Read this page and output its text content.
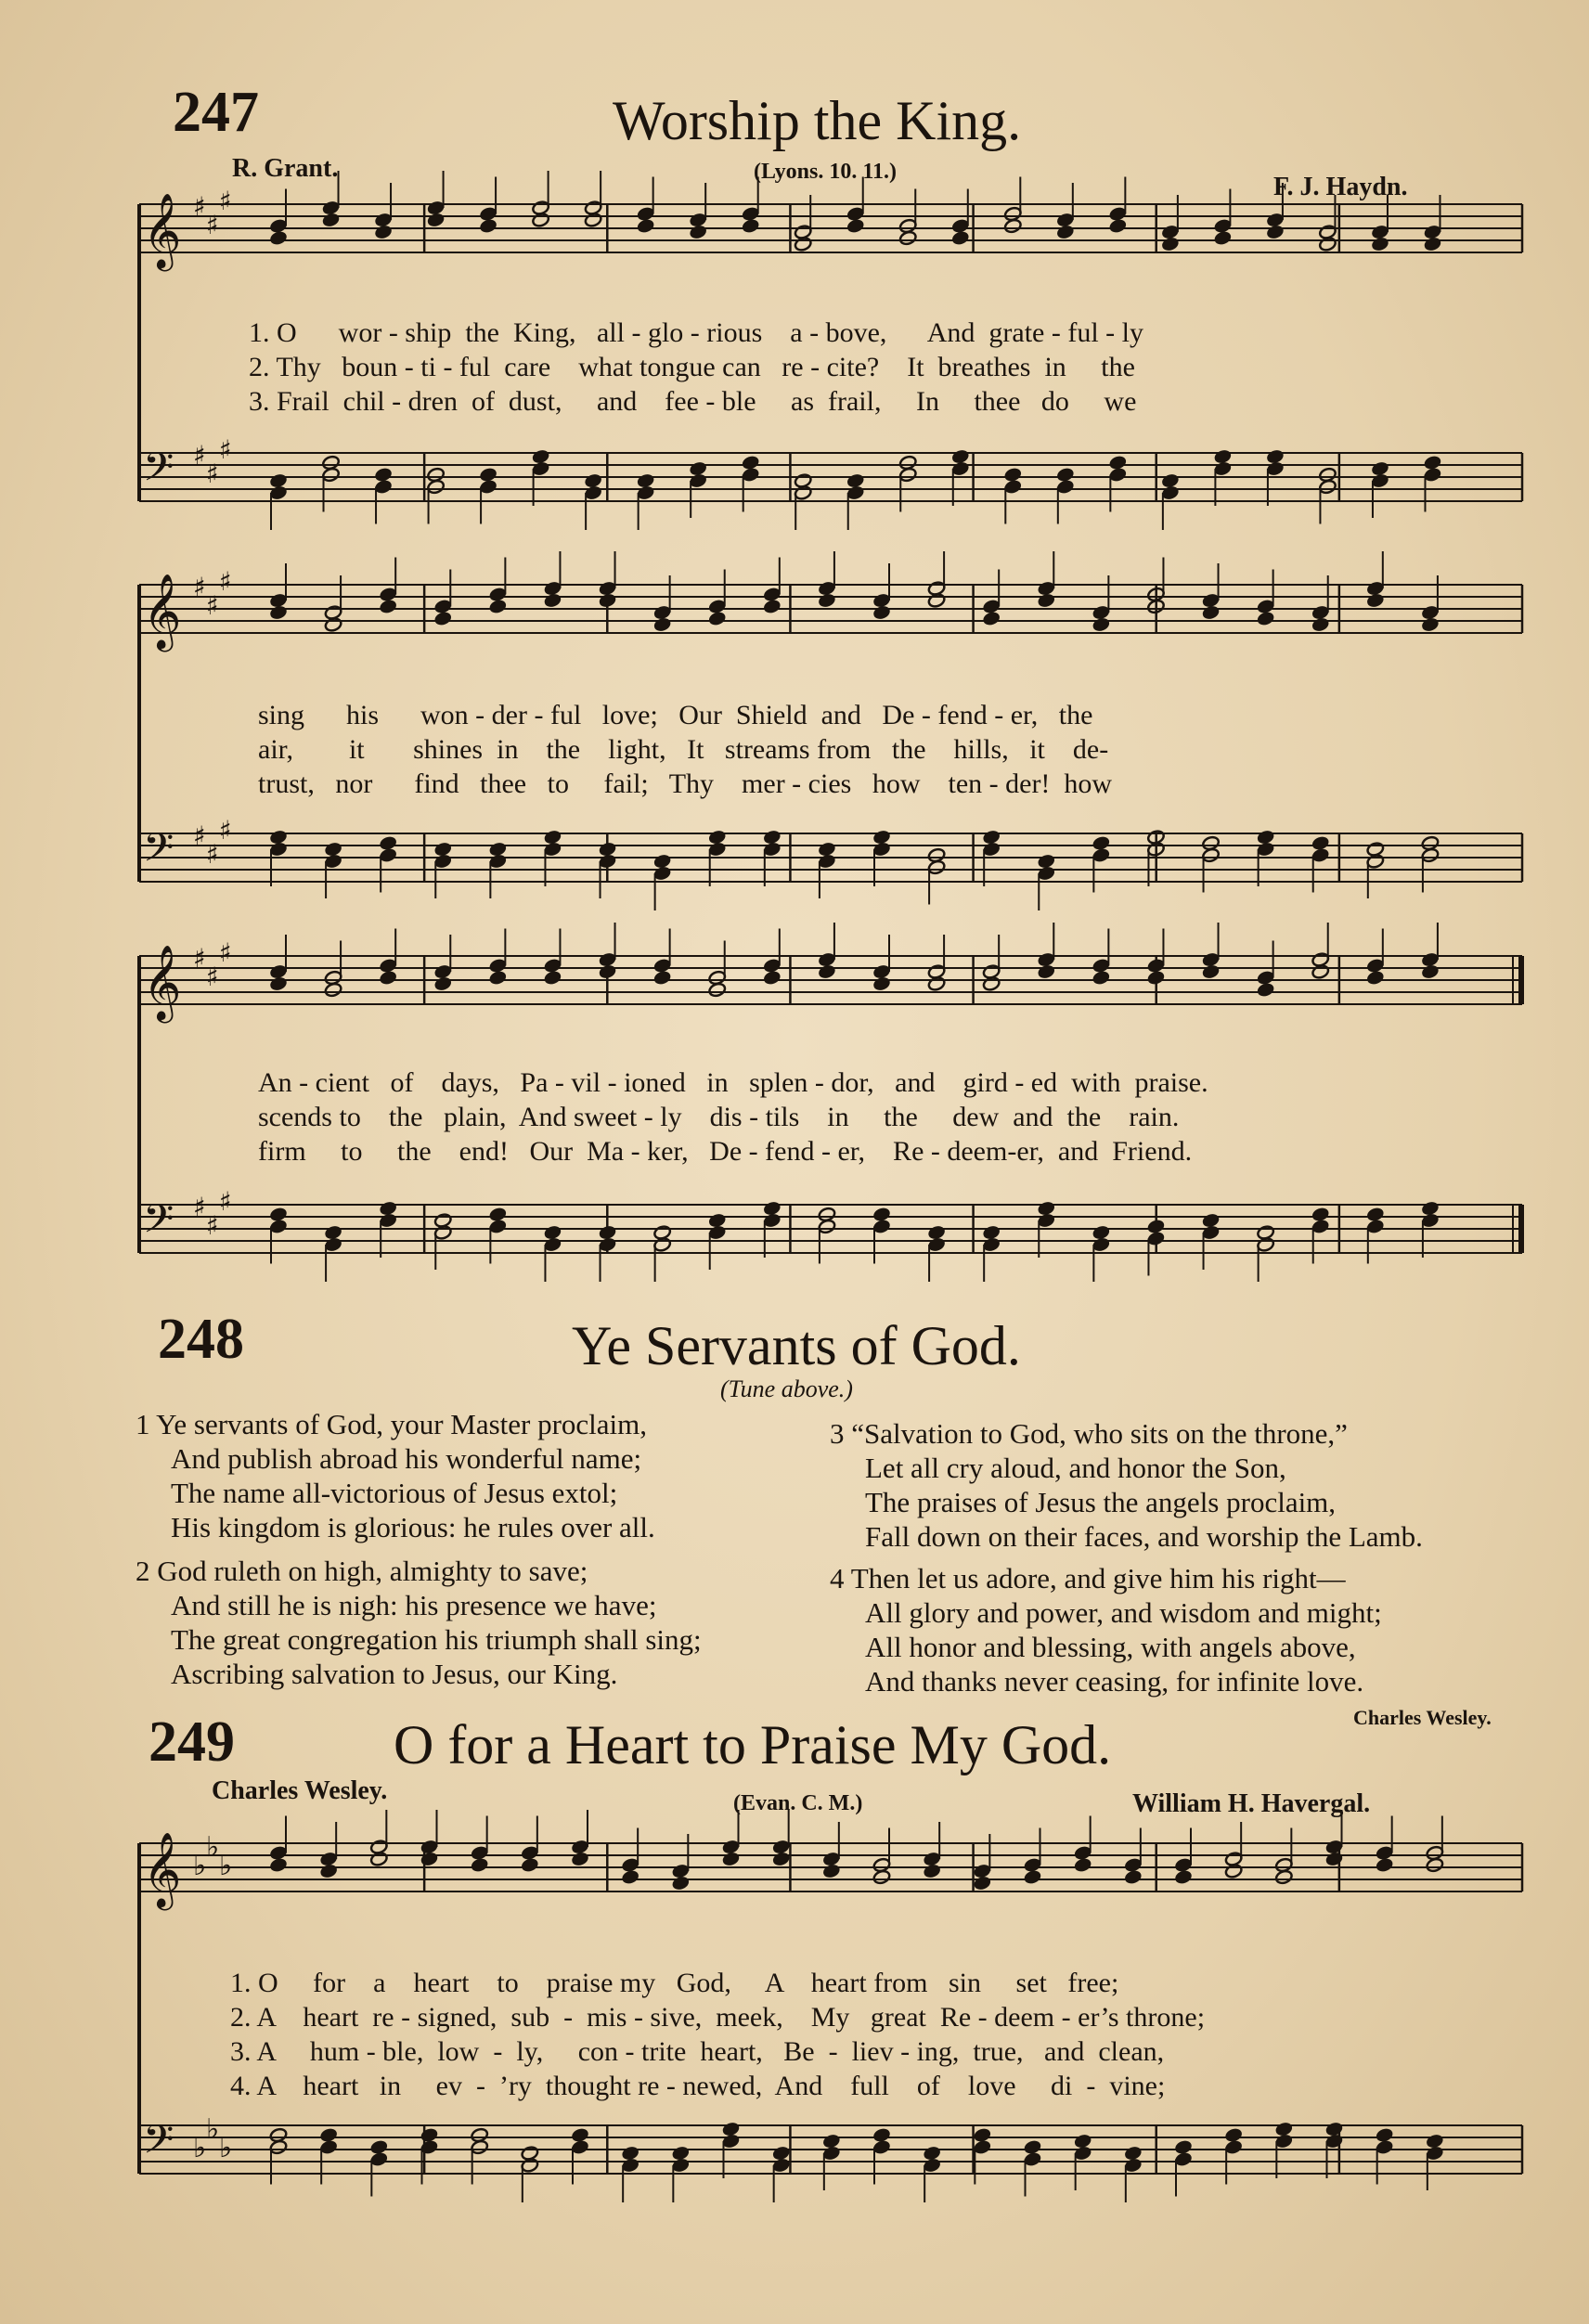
247	Worship the King.
R. Grant.	(Lyons. 10. 11.)
F. J. Haydn.
𝄞 ♯
♯
♯
𝄢 ♯
♯
♯
1. O      wor - ship  the  King,   all - glo - rious    a - bove,      And  grate - ful - ly
2. Thy   boun - ti - ful  care    what tongue can   re - cite?    It  breathes  in     the
3. Frail  chil - dren  of  dust,     and    fee - ble     as  frail,     In     thee   do     we
𝄞 ♯
♯
♯
𝄢 ♯
♯
♯
sing      his      won - der - ful   love;   Our  Shield  and   De - fend - er,   the
air,        it       shines  in    the    light,   It   streams from   the    hills,   it    de-
trust,   nor      find   thee   to     fail;   Thy    mer - cies   how    ten - der!  how
𝄞 ♯
♯
♯
𝄢 ♯
♯
♯
An - cient   of    days,   Pa - vil - ioned   in   splen - dor,   and    gird - ed  with  praise.
scends to    the   plain,  And sweet - ly    dis - tils    in     the     dew  and  the    rain.
firm     to     the    end!   Our  Ma - ker,   De - fend - er,    Re - deem-er,  and  Friend.
248	Ye Servants of God.
(Tune above.)
1 Ye servants of God, your Master proclaim,
And publish abroad his wonderful name;
The name all-victorious of Jesus extol;
His kingdom is glorious: he rules over all.
2 God ruleth on high, almighty to save;
And still he is nigh: his presence we have;
The great congregation his triumph shall sing;
Ascribing salvation to Jesus, our King.
3 “Salvation to God, who sits on the throne,”
Let all cry aloud, and honor the Son,
The praises of Jesus the angels proclaim,
Fall down on their faces, and worship the Lamb.
4 Then let us adore, and give him his right—
All glory and power, and wisdom and might;
All honor and blessing, with angels above,
And thanks never ceasing, for infinite love.
Charles Wesley.
249	O for a Heart to Praise My God.
Charles Wesley.	(Evan. C. M.)	William H. Havergal.
𝄞 ♭
♭
♭
𝄢 ♭
♭
♭
1. O     for    a    heart    to    praise my   God,     A    heart from   sin     set   free;
2. A    heart  re - signed,  sub  -  mis - sive,  meek,    My   great  Re - deem - er’s throne;
3. A     hum - ble,  low  -  ly,     con - trite  heart,   Be  -  liev - ing,  true,   and  clean,
4. A    heart   in     ev  -  ’ry  thought re - newed,  And    full    of    love     di  -  vine;
